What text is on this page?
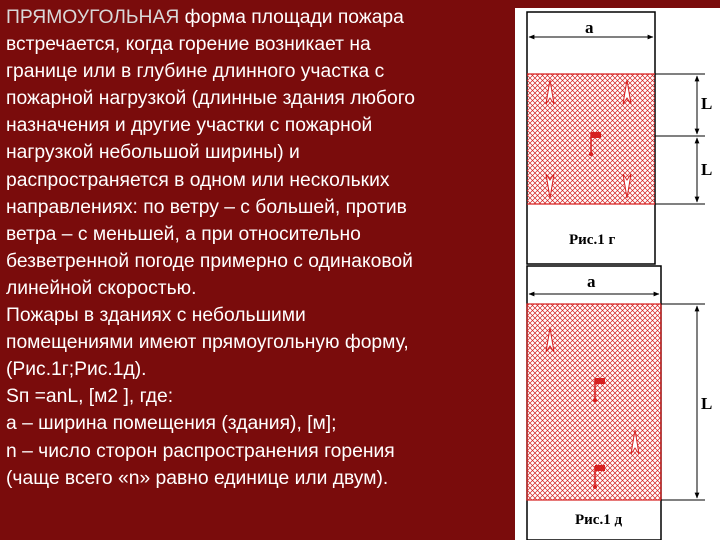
ПРЯМОУГОЛЬНАЯ форма площади пожара
встречается, когда горение возникает на
границе или в глубине длинного участка с
пожарной нагрузкой (длинные здания любого
назначения и другие участки с пожарной
нагрузкой небольшой ширины) и
распространяется в одном или нескольких
направлениях: по ветру – с большей, против
ветра – с меньшей, а при относительно
безветренной погоде примерно с одинаковой
линейной скоростью.
Пожары в зданиях с небольшими
помещениями имеют прямоугольную форму,
(Рис.1г;Рис.1д).
Sп =anL, [м2 ], где:
a – ширина помещения (здания), [м];
n – число сторон распространения горения
(чаще всего «n» равно единице или двум).
a
L
L
Рис.1 г
a
L
Рис.1 д
